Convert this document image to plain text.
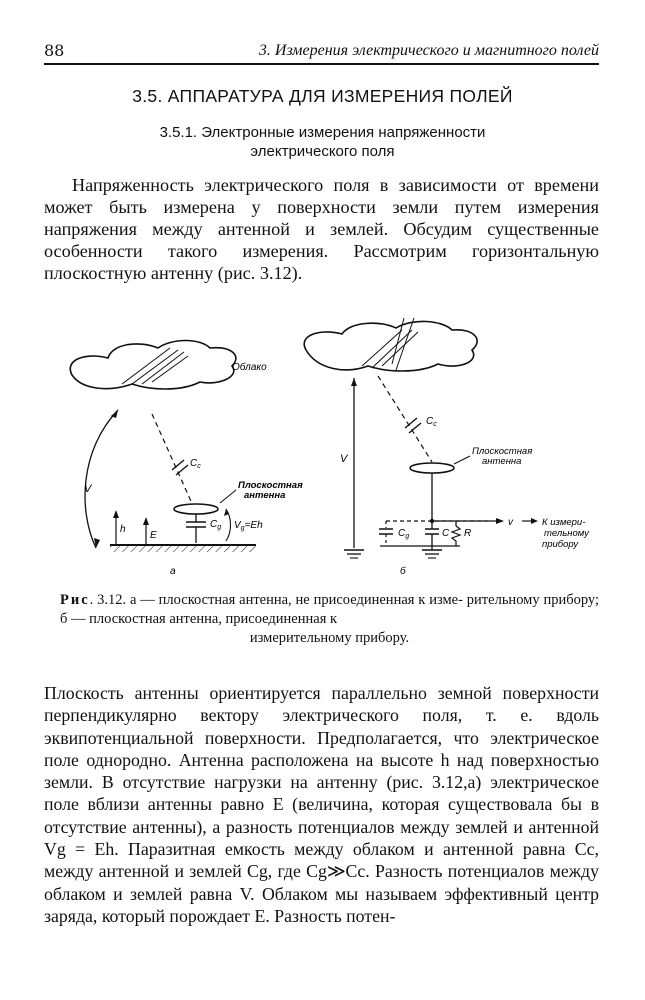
88	3. Измерения электрического и магнитного полей
3.5. АППАРАТУРА ДЛЯ ИЗМЕРЕНИЯ ПОЛЕЙ
3.5.1. Электронные измерения напряженности
электрического поля
Напряженность электрического поля в зависимости от времени может быть измерена у поверхности земли путем измерения напряжения между антенной и землей. Обсудим существенные особенности такого измерения. Рассмотрим горизонтальную плоскостную антенну (рис. 3.12).
Облако
V
$C_c$
Плоскостная
антенна
$C_g$ $V_g=Eh$
h
E
а
V
$C_c$
Плоскостная
антенна
v	К измери-
тельному
прибору
$C_g$	C R
б
Рис. 3.12. а — плоскостная антенна, не присоединенная к изме- рительному прибору; б — плоскостная антенна, присоединенная к
измерительному прибору.
Плоскость антенны ориентируется параллельно земной поверхности перпендикулярно вектору электрического поля, т. е. вдоль эквипотенциальной поверхности. Предполагается, что электрическое поле однородно. Антенна расположена на высоте h над поверхностью земли. В отсутствие нагрузки на антенну (рис. 3.12,а) электрическое поле вблизи антенны равно E (величина, которая существовала бы в отсутствие антенны), а разность потенциалов между землей и антенной Vg = Eh. Паразитная емкость между облаком и антенной равна Cc, между антенной и землей Cg, где Cg≫Cc. Разность потенциалов между облаком и землей равна V. Облаком мы называем эффективный центр заряда, который порождает E. Разность потен-
